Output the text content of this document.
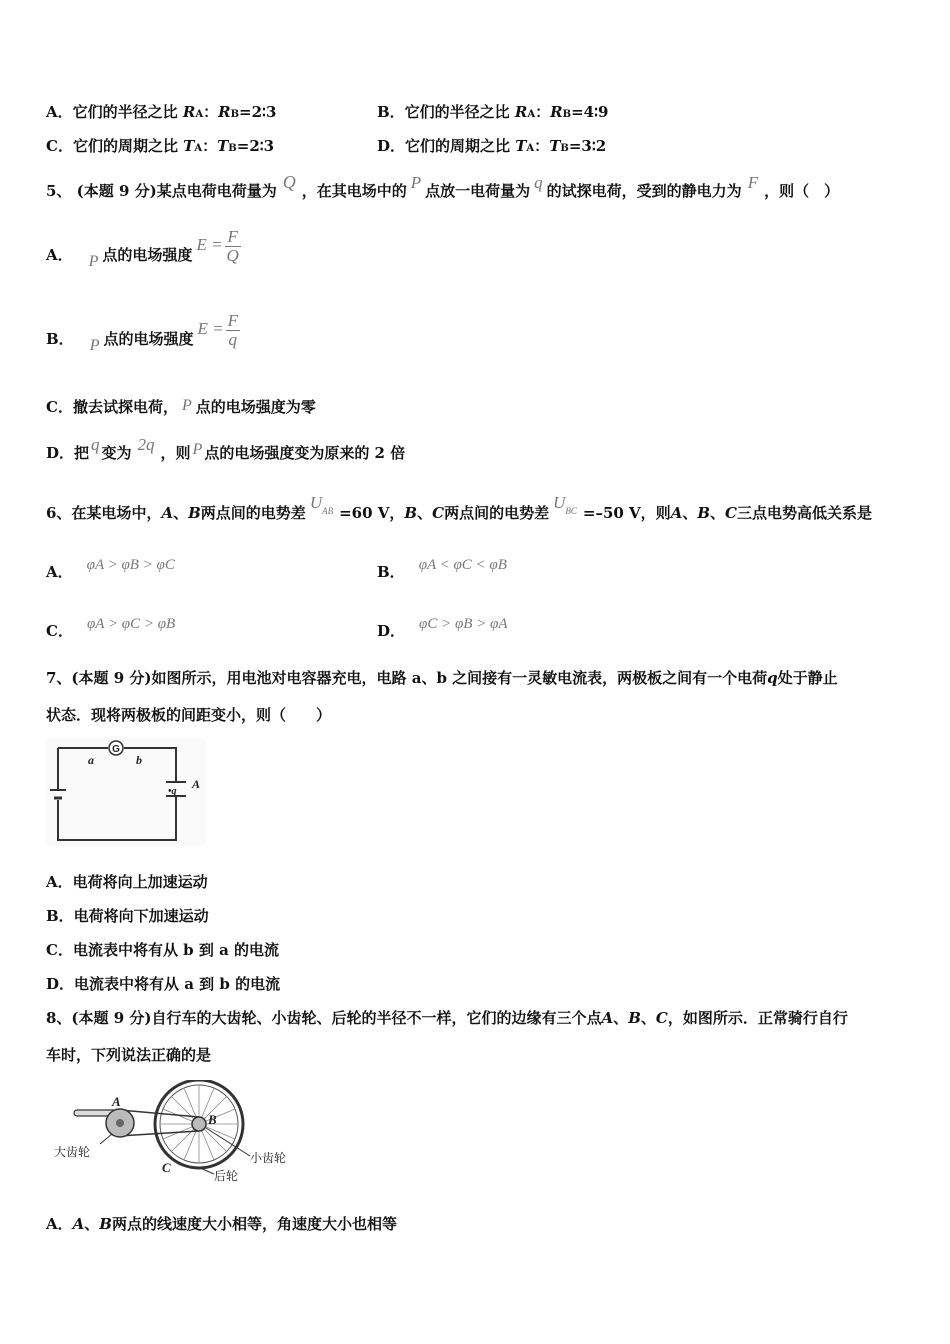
A．它们的半径之比 RA：RB=2∶3	B．它们的半径之比 RA：RB=4∶9
C．它们的周期之比 TA：TB=2∶3	D．它们的周期之比 TA：TB=3∶2
5、 (本题 9 分)某点电荷电荷量为 Q ，在其电场中的 P 点放一电荷量为 q 的试探电荷，受到的静电力为 F ，则（　）
A． P 点的电场强度$E = \frac{F}{Q}$
B． P 点的电场强度$E = \frac{F}{q}$
C．撤去试探电荷， P 点的电场强度为零
D．把 q 变为 2q ，则 P 点的电场强度变为原来的 2 倍
6、在某电场中，A、B两点间的电势差$U^{AB} =60$ V，B、C两点间的电势差$U^{BC} =-50$ V，则A、B、C三点电势高低关系是
A． φA > φB > φC	B． φA < φC < φB
C． φA > φC > φB	D． φC > φB > φA
7、(本题 9 分)如图所示，用电池对电容器充电，电路 a、b 之间接有一灵敏电流表，两极板之间有一个电荷q处于静止
状态．现将两极板的间距变小，则（　　）
G
a	b
A
•q
A．电荷将向上加速运动
B．电荷将向下加速运动
C．电流表中将有从 b 到 a 的电流
D．电流表中将有从 a 到 b 的电流
8、(本题 9 分)自行车的大齿轮、小齿轮、后轮的半径不一样，它们的边缘有三个点A、B、C，如图所示．正常骑行自行
车时，下列说法正确的是
A
B
C
大齿轮	小齿轮
后轮
A．A、B两点的线速度大小相等，角速度大小也相等
